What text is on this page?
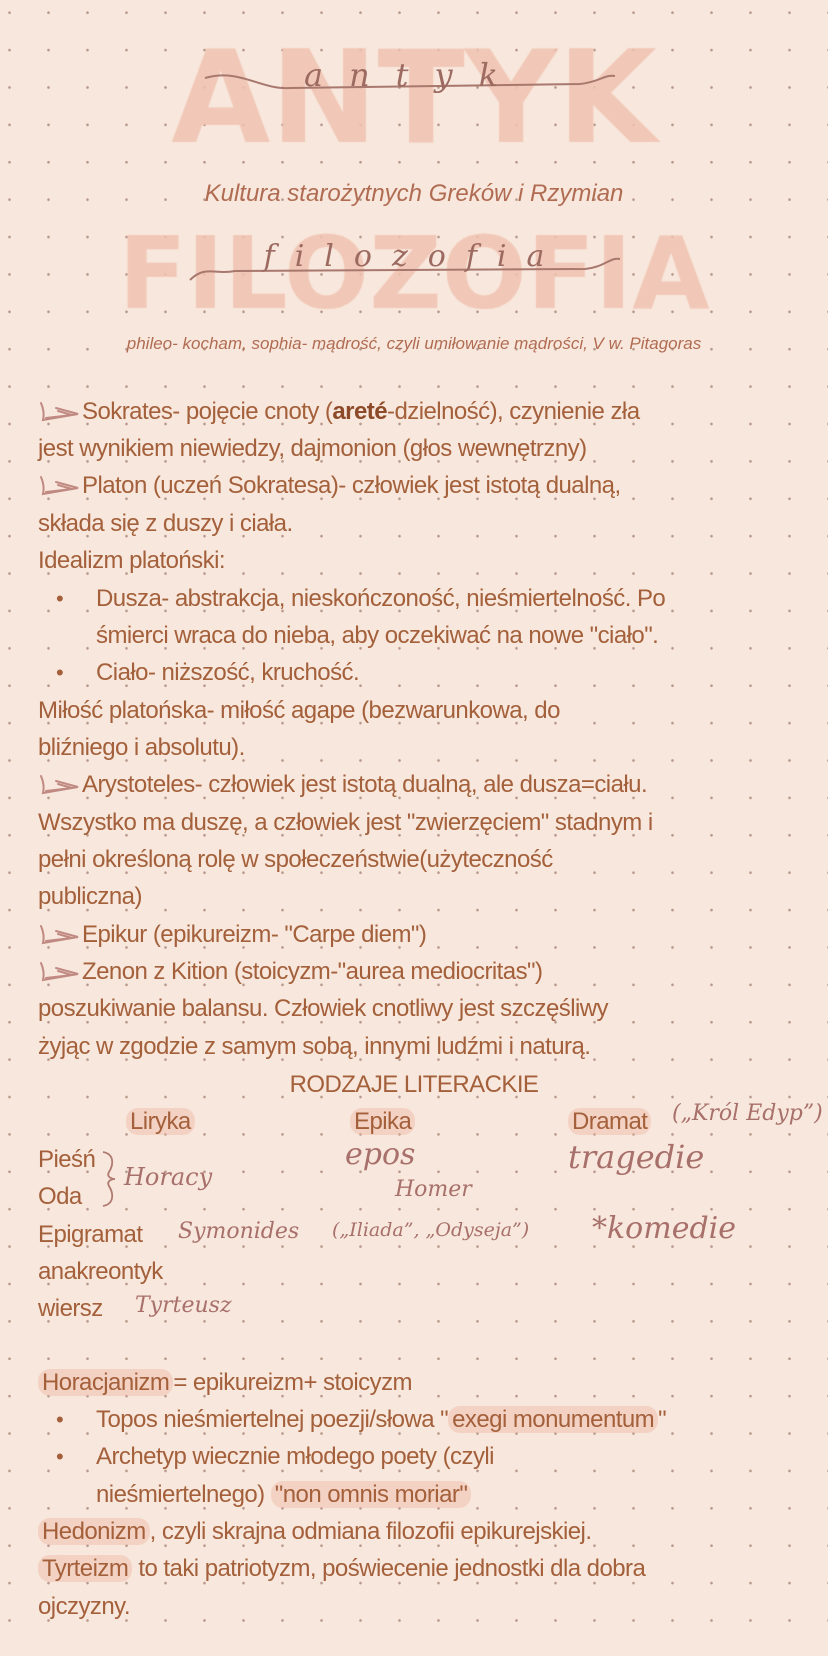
antyk
Kultura starożytnych Greków i Rzymian
filozofia
phileo- kocham, sophia- mądrość, czyli umiłowanie mądrości, V w. Pitagoras
Sokrates- pojęcie cnoty (areté-dzielność), czynienie zła
jest wynikiem niewiedzy, dajmonion (głos wewnętrzny)
Platon (uczeń Sokratesa)- człowiek jest istotą dualną,
składa się z duszy i ciała.
Idealizm platoński:
• Dusza- abstrakcja, nieskończoność, nieśmiertelność. Po
śmierci wraca do nieba, aby oczekiwać na nowe "ciało".
• Ciało- niższość, kruchość.
Miłość platońska- miłość agape (bezwarunkowa, do
bliźniego i absolutu).
Arystoteles- człowiek jest istotą dualną, ale dusza=ciału.
Wszystko ma duszę, a człowiek jest "zwierzęciem" stadnym i
pełni określoną rolę w społeczeństwie(użyteczność
publiczna)
Epikur (epikureizm- "Carpe diem")
Zenon z Kition (stoicyzm-"aurea mediocritas")
poszukiwanie balansu. Człowiek cnotliwy jest szczęśliwy
żyjąc w zgodzie z samym sobą, innymi ludźmi i naturą.
RODZAJE LITERACKIE
Liryka	Epika	Dramat
Pieśń
Oda
Epigramat
anakreontyk
wiersz
Horacy
Symonides
Tyrteusz
epos
Homer
(„Iliada”, „Odyseja”)
(„Król Edyp”)
tragedie
*komedie
Horacjanizm = epikureizm+ stoicyzm
• Topos nieśmiertelnej poezji/słowa " exegi monumentum "
• Archetyp wiecznie młodego poety (czyli
nieśmiertelnego) "non omnis moriar"
Hedonizm , czyli skrajna odmiana filozofii epikurejskiej.
Tyrteizm to taki patriotyzm, poświecenie jednostki dla dobra
ojczyzny.
